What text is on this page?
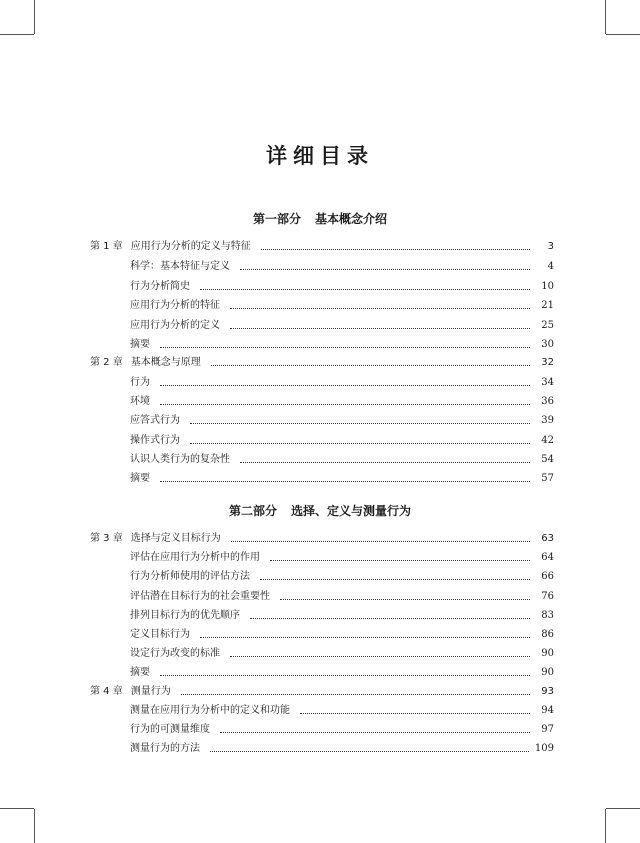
详细目录
第一部分 基本概念介绍
第 1 章 应用行为分析的定义与特征	3
科学：基本特征与定义	4
行为分析简史	10
应用行为分析的特征	21
应用行为分析的定义	25
摘要	30
第 2 章 基本概念与原理	32
行为	34
环境	36
应答式行为	39
操作式行为	42
认识人类行为的复杂性	54
摘要	57
第二部分 选择、定义与测量行为
第 3 章 选择与定义目标行为	63
评估在应用行为分析中的作用	64
行为分析师使用的评估方法	66
评估潜在目标行为的社会重要性	76
排列目标行为的优先顺序	83
定义目标行为	86
设定行为改变的标准	90
摘要	90
第 4 章 测量行为	93
测量在应用行为分析中的定义和功能	94
行为的可测量维度	97
测量行为的方法	109
